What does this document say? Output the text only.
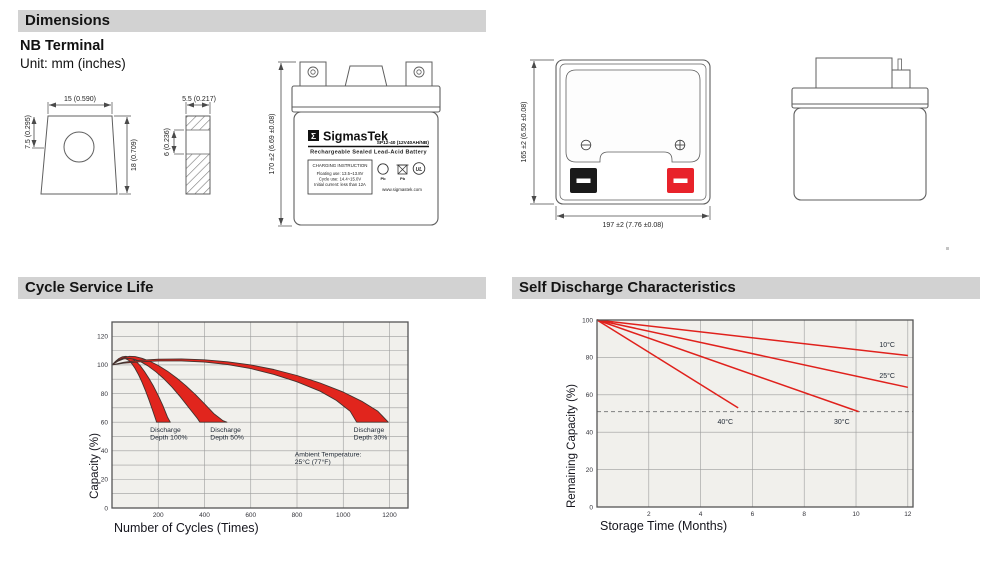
Dimensions
NB Terminal
Unit: mm (inches)
15 (0.590)
7.5 (0.295)
18 (0.709)
5.5 (0.217)
6 (0.236)	170 ±2 (6.69 ±0.08)	Σ SigmasTek
SP12-40 (12V40AH/NB)
Rechargeable Sealed Lead-Acid Battery
CHARGING INSTRUCTION
Floating use: 13.5~13.8V
Cycle use: 14.4~15.0V
Initial current: less than 12A
Pb	Pb
UL
www.sigmastek.com
165 ±2 (6.50 ±0.08)
197 ±2 (7.76 ±0.08)
Cycle Service Life
Capacity (%)
0
20
40
60
80
100
120
200	400	600	800	1000	1200
Discharge Depth 100%
Discharge Depth 50%
Discharge Depth 30%
Ambient Temperature: 25°C (77°F)
Number of Cycles (Times)
Self Discharge Characteristics
Remaining Capacity (%) 0
20
40
60
80
100
2	4	6	8	10	12
10°C
25°C
30°C
40°C
Storage Time (Months)
